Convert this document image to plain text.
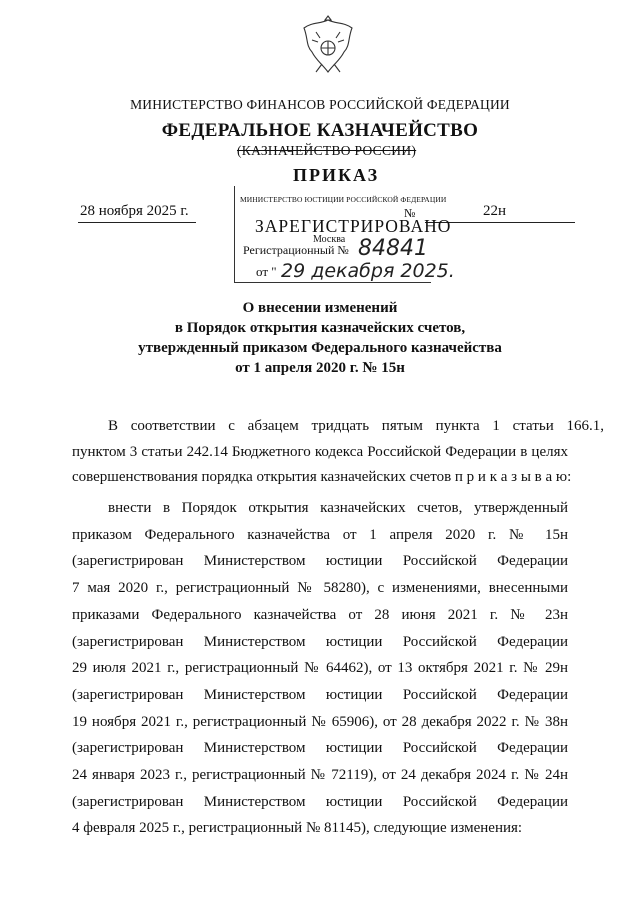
МИНИСТЕРСТВО ФИНАНСОВ РОССИЙСКОЙ ФЕДЕРАЦИИ
ФЕДЕРАЛЬНОЕ КАЗНАЧЕЙСТВО
(КАЗНАЧЕЙСТВО РОССИИ)
ПРИКАЗ
28 ноября 2025 г.	22н
МИНИСТЕРСТВО ЮСТИЦИИ РОССИЙСКОЙ ФЕДЕРАЦИИ
№
ЗАРЕГИСТРИРОВАНО
Москва
Регистрационный № 84841
от " 29 декабря 2025.
О внесении изменений
в Порядок открытия казначейских счетов,
утвержденный приказом Федерального казначейства
от 1 апреля 2020 г. № 15н
В соответствии с абзацем тридцать пятым пункта 1 статьи 166.1,
пунктом 3 статьи 242.14 Бюджетного кодекса Российской Федерации в целях
совершенствования порядка открытия казначейских счетов п р и к а з ы в а ю:
внести в Порядок открытия казначейских счетов, утвержденный
приказом Федерального казначейства от 1 апреля 2020 г. № 15н
(зарегистрирован Министерством юстиции Российской Федерации
7 мая 2020 г., регистрационный № 58280), с изменениями, внесенными
приказами Федерального казначейства от 28 июня 2021 г. № 23н
(зарегистрирован Министерством юстиции Российской Федерации
29 июля 2021 г., регистрационный № 64462), от 13 октября 2021 г. № 29н
(зарегистрирован Министерством юстиции Российской Федерации
19 ноября 2021 г., регистрационный № 65906), от 28 декабря 2022 г. № 38н
(зарегистрирован Министерством юстиции Российской Федерации
24 января 2023 г., регистрационный № 72119), от 24 декабря 2024 г. № 24н
(зарегистрирован Министерством юстиции Российской Федерации
4 февраля 2025 г., регистрационный № 81145), следующие изменения:
